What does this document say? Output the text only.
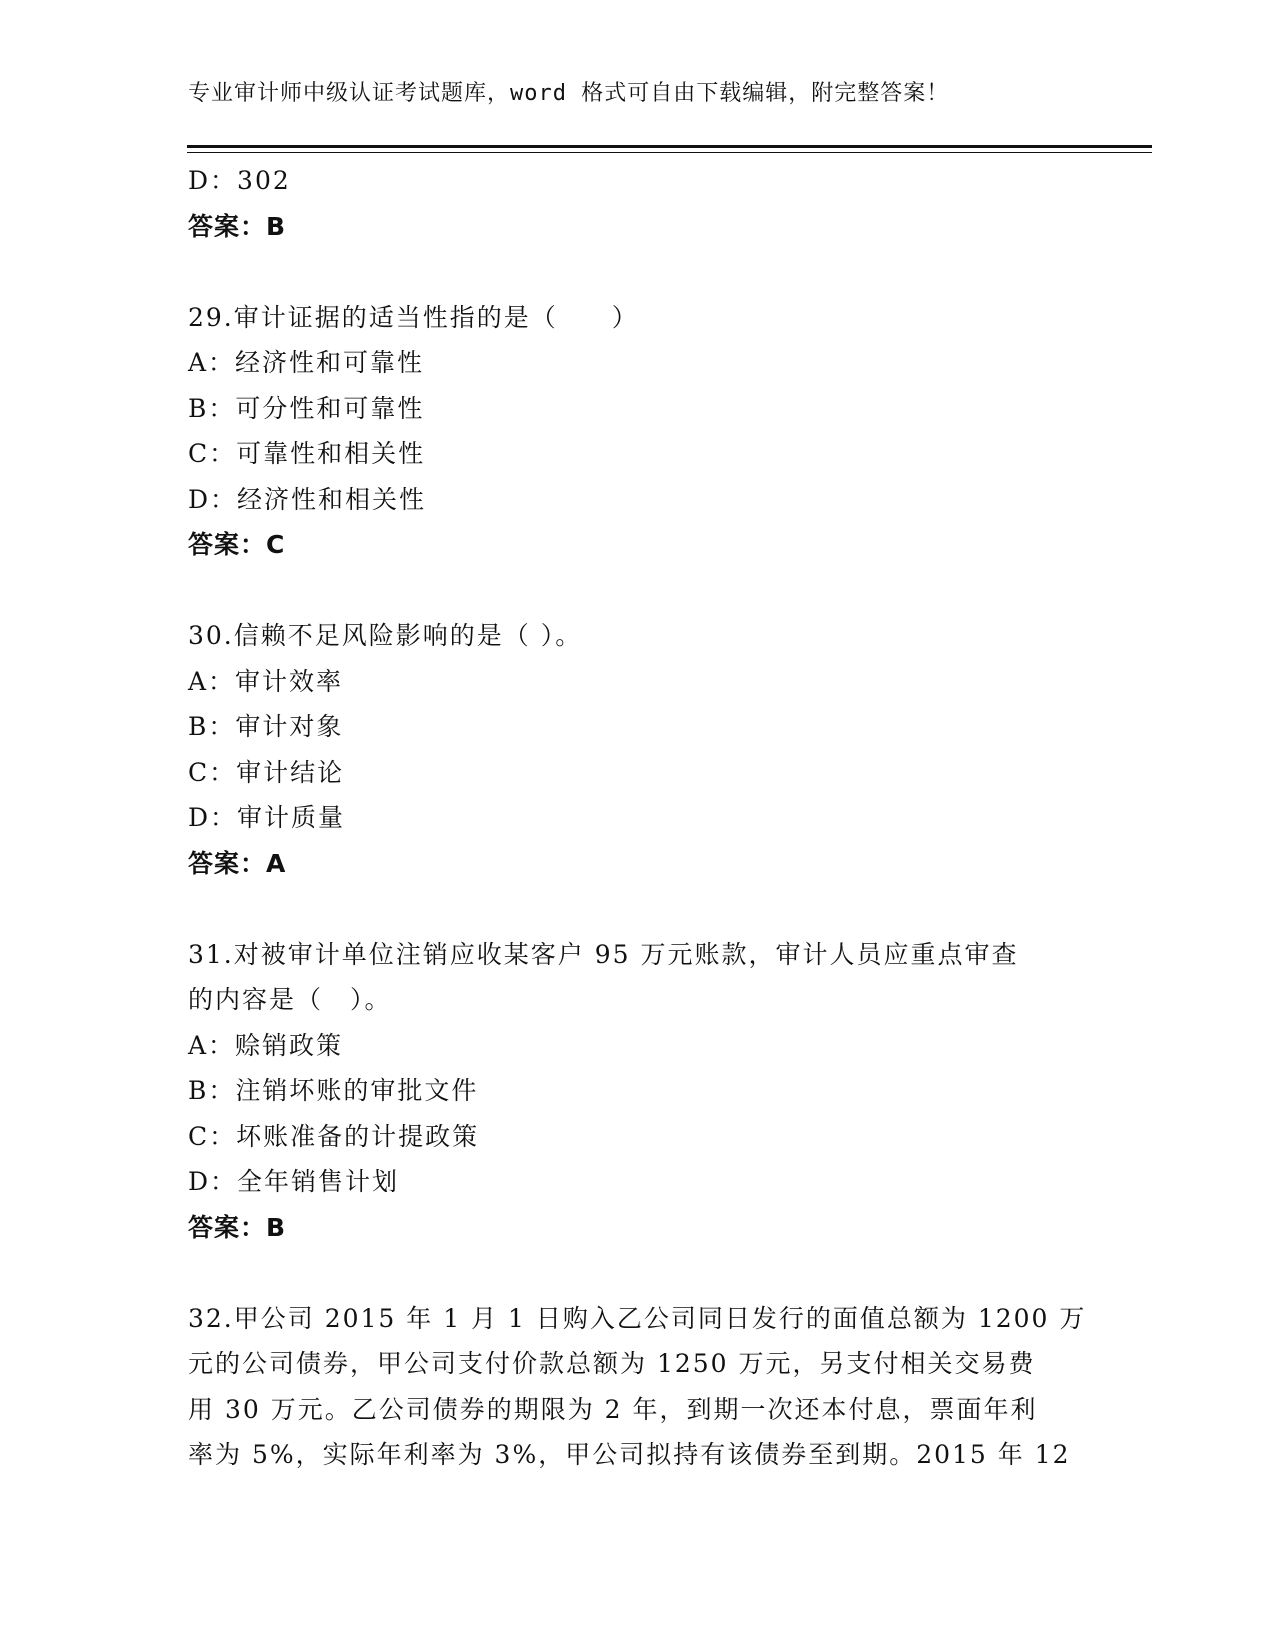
专业审计师中级认证考试题库，word 格式可自由下载编辑，附完整答案！
D：302
答案：B
29.审计证据的适当性指的是（　　）
A：经济性和可靠性
B：可分性和可靠性
C：可靠性和相关性
D：经济性和相关性
答案：C
30.信赖不足风险影响的是（ ）。
A：审计效率
B：审计对象
C：审计结论
D：审计质量
答案：A
31.对被审计单位注销应收某客户 95 万元账款，审计人员应重点审查
的内容是（　）。
A：赊销政策
B：注销坏账的审批文件
C：坏账准备的计提政策
D：全年销售计划
答案：B
32.甲公司 2015 年 1 月 1 日购入乙公司同日发行的面值总额为 1200 万
元的公司债券，甲公司支付价款总额为 1250 万元，另支付相关交易费
用 30 万元。乙公司债券的期限为 2 年，到期一次还本付息，票面年利
率为 5%，实际年利率为 3%，甲公司拟持有该债券至到期。2015 年 12
